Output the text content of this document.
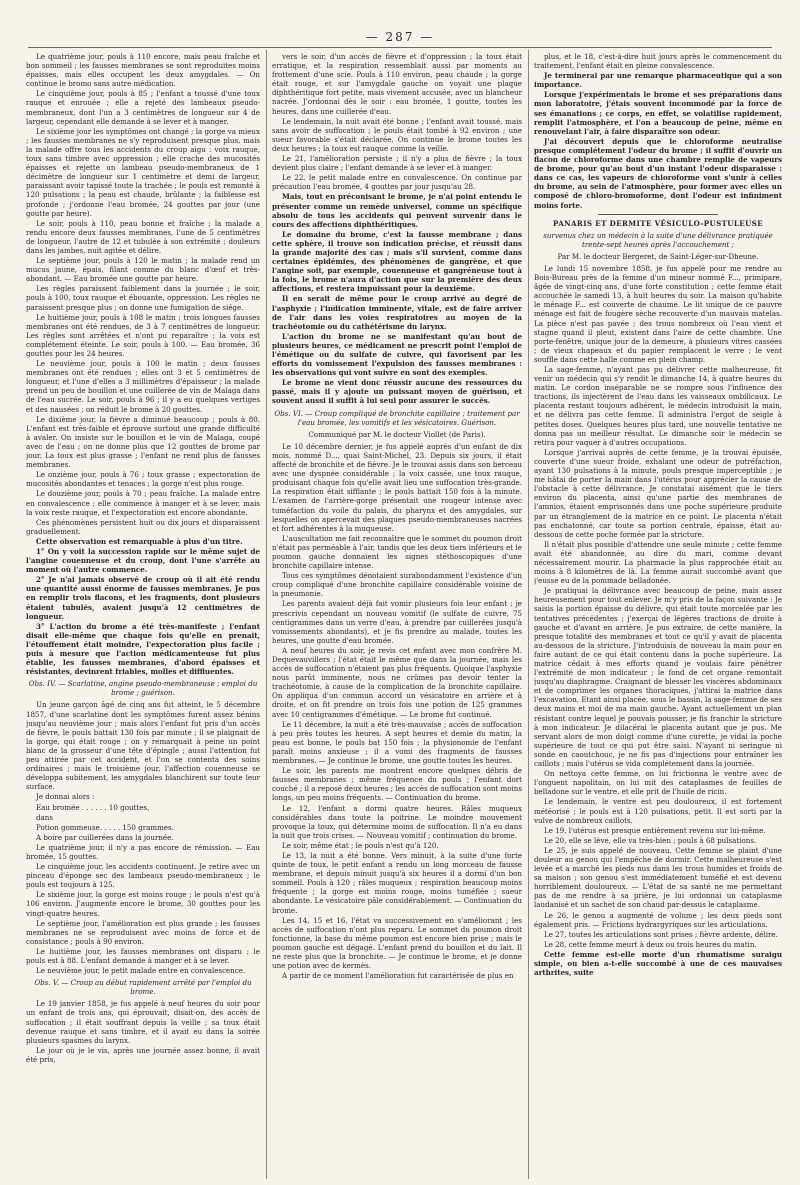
— 287 —

Le quatrième jour, pouls à 110 encore, mais peau fraîche et bon sommeil ; les fausses membranes se sont reproduites moins épaisses, mais elles occupent les deux amygdales. — On continue le bromo sans autre médication.

Le cinquième jour, pouls à 85 ; l'enfant a toussé d'une toux rauque et enrouée ; elle a rejeté des lambeaux pseudo-membraneux, dont l'un a 3 centimètres de longueur sur 4 de largeur, cependant elle demande à se lever et à manger.

Le sixième jour les symptômes ont changé ; la gorge va mieux ; les fausses membranes ne s'y reproduisent presque plus, mais la malade offre tous les accidents du croup aigu : voix rauque, toux sans timbre avec oppression ; elle crache des mucosités épaisses et rejette un lambeau pseudo-membraneux de 1 décimètre de longueur sur 1 centimètre et demi de largeur, paraissant avoir tapissé toute la trachée ; le pouls est remonté à 120 pulsations ; la peau est chaude, brûlante ; la faiblesse est profonde ; j'ordonne l'eau bromée, 24 gouttes par jour (une goutte par heure).

Le soir, pouls à 110, peau bonne et fraîche ; la malade a rendu encore deux fausses membranes, l'une de 5 centimètres de longueur, l'autre de 12 et tubulée à son extrémité ; douleurs dans les jambes, nuit agitée et délire.

Le septième jour, pouls à 120 le matin ; la malade rend un mucus jaune, épais, filant comme du blanc d'œuf et très-abondant. — Eau bromée une goutte par heure.

Les règles paraissent faiblement dans la journée ; le soir, pouls à 100, toux rauque et ébouante, oppression. Les règles ne paraissent presque plus ; on donne une fumigation de siége.

Le huitième jour, pouls à 108 le matin ; trois longues fausses membranes ont été rendues, de 3 à 7 centimètres de longueur. Les règles sont arrêtées et n'ont pu reparaître ; la voix est complétement éteinte. Le soir, pouls à 100. — Eau bromée, 36 gouttes pour les 24 heures.

Le neuvième jour, pouls à 100 le matin ; deux fausses membranes ont été rendues ; elles ont 3 et 5 centimètres de longueur, et l'une d'elles a 3 millimètres d'épaisseur ; la malade prend un peu de bouillon et une cuillerée de vin de Malaga dans de l'eau sucrée. Le soir, pouls à 96 ; il y a eu quelques vertiges et des nausées ; on réduit le brome à 20 gouttes.

Le dixième jour, la fièvre a diminué beaucoup ; pouls à 80. L'enfant est très-faible et éprouve surtout une grande difficulté à avaler. On insiste sur le bouillon et le vin de Malaga, coupé avec de l'eau ; on ne donne plus que 12 gouttes de brome par jour. La toux est plus grasse ; l'enfant ne rend plus de fausses membranes.

Le onzième jour, pouls à 76 ; toux grasse ; expectoration de mucosités abondantes et tenaces ; la gorge n'est plus rouge.

Le douzième jour, pouls à 70 ; peau fraîche. La malade entre en convalescence ; elle commence à manger et à se lever, mais la voix reste rauque, et l'expectoration est encore abondante.

Ces phénomènes persistent huit ou dix jours et disparaissent graduellement.

Cette observation est remarquable à plus d'un titre.

1° On y voit la succession rapide sur le même sujet de l'angine couenneuse et du croup, dont l'une s'arrête au moment où l'autre commence.

2° Je n'ai jamais observé de croup où il ait été rendu une quantité aussi énorme de fausses membranes. Je pus en remplir trois flacons, et les fragments, dont plusieurs étaient tubulés, avaient jusqu'à 12 centimètres de longueur.

3° L'action du brome a été très-manifeste ; l'enfant disait elle-même que chaque fois qu'elle en prenait, l'étouffement était moindre, l'expectoration plus facile ; puis à mesure que l'action médicamenteuse fut plus établie, les fausses membranes, d'abord épaisses et résistantes, devinrent friables, molles et diffluentes.

Obs. IV. — Scarlatine, angine pseudo-membraneuse ; emploi du brome ; guérison.

Un jeune garçon âgé de cinq ans fut atteint, le 5 décembre 1857, d'une scarlatine dont les symptômes furent assez bénins jusqu'au neuvième jour ; mais alors l'enfant fut pris d'un accès de fièvre, le pouls battait 130 fois par minute ; il se plaignait de la gorge, qui était rouge ; on y remarquait à peine un point blanc de la grosseur d'une tête d'épingle ; aussi l'attention fut peu attirée par cet accident, et l'on se contenta des soins ordinaires ; mais le troisième jour, l'affection couenneuse se développa subitement, les amygdales blanchirent sur toute leur surface.

Je donnai alors :

Eau bromée . . . . . . 10 gouttes,

dans

Potion gommeuse. . . . . 150 grammes.

A boire par cuillerées dans la journée.

Le quatrième jour, il n'y a pas encore de rémission. — Eau bromée, 15 gouttes.

Le cinquième jour, les accidents continuent. Je retire avec un pinceau d'éponge sec des lambeaux pseudo-membraneux ; le pouls est toujours à 125.

Le sixième jour, la gorge est moins rouge ; le pouls n'est qu'à 106 environ. J'augmente encore le brome, 30 gouttes pour les vingt-quatre heures.

Le septième jour, l'amélioration est plus grande ; les fausses membranes ne se reproduisent avec moins de force et de consistance ; pouls à 90 environ.

Le huitième jour, les fausses membranes ont disparu ; le pouls est à 88. L'enfant demande à manger et à se lever.

Le neuvième jour, le petit malade entre en convalescence.

Obs. V. — Croup au début rapidement arrêté par l'emploi du brome.

Le 19 janvier 1858, je fus appelé à neuf heures du soir pour un enfant de trois ans, qui éprouvait, disait-on, des accès de suffocation ; il était souffrant depuis la veille ; sa toux était devenue rauque et sans timbre, et il avait eu dans la soirée plusieurs spasmes du larynx.

Le jour où je le vis, après une journée assez bonne, il avait été pris,

vers le soir, d'un accès de fièvre et d'oppression ; la toux était erratique, et la respiration ressemblait aussi par moments au frottement d'une scie. Pouls à 110 environ, peau chaude ; la gorge était rouge, et sur l'amygdale gauche on voyait une plaque diphthéritique fort petite, mais vivement accusée, avec un blancheur nacrée. J'ordonnai dès le soir : eau bromée, 1 goutte, toutes les heures, dans une cuillerée d'eau.

Le lendemain, la nuit avait été bonne ; l'enfant avait toussé, mais sans avoir de suffocation ; le pouls était tombé à 92 environ ; une sueur favorable s'était déclarée. On continue le brome toutes les deux heures ; la toux est rauque comme la veille.

Le 21, l'amélioration persiste ; il n'y a plus de fièvre ; la toux devient plus claire ; l'enfant demande à se lever et à manger.

Le 22, le petit malade entre en convalescence. On continue par précaution l'eau bromée, 4 gouttes par jour jusqu'au 28.

Mais, tout en préconisant le brome, je n'ai point entendu le présenter comme un remède universel, comme un spécifique absolu de tous les accidents qui peuvent survenir dans le cours des affections diphthéritiques.

Le domaine du brome, c'est la fausse membrane ; dans cette sphère, il trouve son indication précise, et réussit dans la grande majorité des cas ; mais s'il survient, comme dans certaines épidémies, des phénomènes de gangrène, et que l'angine soit, par exemple, couenneuse et gangréneuse tout à la fois, le brome n'aura d'action que sur la première des deux affections, et restera impuissant pour la deuxième.

Il en serait de même pour le croup arrivé au degré de l'asphyxie ; l'indication imminente, vitale, est de faire arriver de l'air dans les voies respiratoires au moyen de la trachéotomie ou du cathétérisme du larynx.

L'action du brome ne se manifestant qu'au bout de plusieurs heures, ce médicament ne prescrit point l'emploi de l'émétique ou du sulfate de cuivre, qui favorisent par les efforts du vomissement l'expulsion des fausses membranes : les observations qui vont suivre en sont des exemples.

Le brome ne vient donc réussir aucune des ressources du passé, mais il y ajoute un puissant moyen de guérison, et souvent aussi il suffit à lui seul pour assurer le succès.

Obs. VI. — Croup compliqué de bronchite capillaire ; traitement par l'eau bromée, les vomitifs et les vésicatoires. Guérison.

Communiqué par M. le docteur Viollet (de Paris).

Le 10 décembre dernier, je fus appelé auprès d'un enfant de dix mois, nommé D..., quai Saint-Michel, 23. Depuis six jours, il était affecté de bronchite et de fièvre. Je le trouvai assis dans son berceau avec une dyspnée considérable ; la voix cassée, une toux rauque, produisant chaque fois qu'elle avait lieu une suffocation très-grande. La respiration était sifflante ; le pouls battait 150 fois à la minute. L'examen de l'arrière-gorge présentait une rougeur intense avec tuméfaction du voile du palais, du pharynx et des amygdales, sur lesquelles on apercevait des plaques pseudo-membraneuses nacrées et fort adhérentes à la muqueuse.

L'auscultation me fait reconnaître que le sommet du poumon droit n'était pas perméable à l'air, tandis que les deux tiers inférieurs et le poumon gauche donnaient les signes stéthoscopiques d'une bronchite capillaire intense.

Tous ces symptômes dénotaient surabondamment l'existence d'un croup compliqué d'une bronchite capillaire considérable voisine de la pneumonie.

Les parents avaient déjà fait vomir plusieurs fois leur enfant ; je prescrivis cependant un nouveau vomitif (le sulfate de cuivre, 75 centigrammes dans un verre d'eau, à prendre par cuillerées jusqu'à vomissements abondants), et je fis prendre au malade, toutes les heures, une goutte d'eau bromée.

A neuf heures du soir, je revis cet enfant avec mon confrère M. Dequevauvillers ; l'état était le même que dans la journée, mais les accès de suffocation n'étaient pas plus fréquents. Quoique l'asphyxie nous parût imminente, nous ne crûmes pas devoir tenter la trachéotomie, à cause de la complication de la bronchite capillaire. On appliqua d'un commun accord un vésicatoire en arrière et à droite, et on fit prendre on trois fois une potion de 125 grammes avec 10 centigrammes d'émétique. — Le brome fut continué.

Le 11 décembre, la nuit a été très-mauvaise ; accès de suffocation à peu près toutes les heures. A sept heures et demie du matin, la peau est bonne, le pouls bat 150 fois ; la physionomie de l'enfant paraît moins anxieuse ; il a vomi des fragments de fausses membranes. — Je continue le brome, une goutte toutes les heures.

Le soir, les parents me montrent encore quelques débris de fausses membranes ; même fréquence du pouls ; l'enfant dort couché ; il a reposé deux heures ; les accès de suffocation sont moins longs, un peu moins fréquents. — Continuation du brome.

Le 12, l'enfant a dormi quatre heures. Râles muqueux considérables dans toute la poitrine. Le moindre mouvement provoque la toux, qui détermine moins de suffocation. Il n'a eu dans la nuit que trois crises. — Nouveau vomitif ; continuation du brome.

Le soir, même état ; le pouls n'est qu'à 120.

Le 13, la nuit a été bonne. Vers minuit, à la suite d'une forte quinte de toux, le petit enfant a rendu un long morceau de fausse membrane, et depuis minuit jusqu'à six heures il a dormi d'un bon sommeil. Pouls à 120 ; râles muqueux ; respiration beaucoup moins fréquente ; la gorge est moins rouge, moins tuméfiée ; sueur abondante. Le vésicatoire pâle considérablement. — Continuation du brome.

Les 14, 15 et 16, l'état va successivement en s'améliorant ; les accès de suffocation n'ont plus reparu. Le sommet du poumon droit fonctionne, la base du même poumon est encore bien prise ; mais le poumon gauche est dégagé. L'enfant prend du bouillon et du lait. Il ne reste plus que la bronchite. — Je continue le brome, et je donne une potion avec de kermès.

A partir de ce moment l'amélioration fut caractérisée de plus en

plus, et le 18, c'est-à-dire huit jours après le commencement du traitement, l'enfant était en pleine convalescence.

Je terminerai par une remarque pharmaceutique qui a son importance.

Lorsque j'expérimentais le brome et ses préparations dans mon laboratoire, j'étais souvent incommodé par la force de ses émanations ; ce corps, en effet, se volatilise rapidement, remplit l'atmosphère, et l'on a beaucoup de peine, même en renouvelant l'air, à faire disparaître son odeur.

J'ai découvert depuis que le chloroforme neutralise presque complétement l'odeur du brome ; il suffit d'ouvrir un flacon de chloroforme dans une chambre remplie de vapeurs de brome, pour qu'au bout d'un instant l'odeur disparaisse : dans ce cas, les vapeurs de chloroforme vont s'unir à celles du brome, au sein de l'atmosphère, pour former avec elles un composé de chloro-bromoforme, dont l'odeur est infiniment moins forte.

PANARIS ET DERMITE VÉSICULO-PUSTULEUSE

survenus chez un médecin à la suite d'une délivrance pratiquée trente-sept heures après l'accouchement ;

Par M. le docteur Bergeret, de Saint-Léger-sur-Dheune.

Le lundi 15 novembre 1858, je fus appelé pour me rendre au Bois-Bureau près de la femme d'un mineur nommé F..., primipare, âgée de vingt-cinq ans, d'une forte constitution ; cette femme était accouchée le samedi 13, à huit heures du soir. La maison qu'habite le ménage F... est couverte de chaume. Le lit unique de ce pauvre ménage est fait de fougère sèche recouverte d'un mauvais matelas. La pièce n'est pas pavée ; des trous nombreux où l'eau vient et stagne quand il pleut, existent dans l'aire de cette chambre. Une porte-fenêtre, unique jour de la demeure, à plusieurs vitres cassées ; de vieux chapeaux et du papier remplacent le verre ; le vent souffle dans cette halle comme en plein champ.

La sage-femme, n'ayant pas pu délivrer cette malheureuse, fit venir un médecin qui s'y rendit le dimanche 14, à quatre heures du matin. Le cordon inséparable ne se rompre sous l'influence des tractions, ils injectèrent de l'eau dans les vaisseaux ombilicaux. Le placenta restant toujours adhérent, le médecin introduisit la main, et ne délivra pas cette femme. Il administra l'ergot de seigle à petites doses. Quelques heures plus tard, une nouvelle tentative ne donna pas un meilleur résultat. Le dimanche soir le médecin se retira pour vaquer à d'autres occupations.

Lorsque j'arrivai auprès de cette femme, je la trouvai épuisée, couverte d'une sueur froide, exhalant une odeur de putréfaction, ayant 130 pulsations à la minute, pouls presque imperceptible ; je me hâtai de porter la main dans l'utérus pour apprécier la cause de l'obstacle à cette délivrance. Je constatai aisément que le tiers environ du placenta, ainsi qu'une partie des membranes de l'amnios, étaient emprisonnés dans une poche supérieure produite par un étranglement de la matrice en ce point. Le placenta n'était pas enchatonné, car toute sa portion centrale, épaisse, était au-dessous de cette poche formée par la stricture.

Il n'était plus possible d'attendre une seule minute ; cette femme avait été abandonnée, au dire du mari, comme devant nécessairement mourir. La pharmacie la plus rapprochée était au moins à 8 kilomètres de là. La femme aurait succombé avant que j'eusse eu de la pommade belladonée.

Je pratiquai la délivrance avec beaucoup de peine, mais assez heureusement pour tout enlever. Je m'y pris de la façon suivante : Je saisis la portion épaisse du délivre, qui était toute morcelée par les tentatives précédentes ; j'exerçai de légères tractions de droite à gauche et d'avant en arrière. Je pus extraire, de cette manière, la presque totalité des membranes et tout ce qu'il y avait de placenta au-dessous de la stricture. J'introduisis de nouveau la main pour en faire autant de ce qui était contenu dans la poche supérieure. La matrice cédait à mes efforts quand je voulais faire pénétrer l'extrémité de mon indicateur ; le fond de cet organe remontait jusqu'au diaphragme. Craignant de blesser les viscères abdominaux et de comprimer les organes thoraciques, j'attirai la matrice dans l'excavation. Etant ainsi placée, sous le bassin, la sage-femme de ses deux mains et moi de ma main gauche. Ayant actuellement un plan résistant contre lequel je pouvais pousser, je fis franchir la stricture à mon indicateur. Je dilacérai le placenta autant que je pus. Me servant alors de mon doigt comme d'une curette, je vidai la poche supérieure de tout ce qui put être saisi. N'ayant ni seringue ni sonde en caoutchouc, je ne fis pas d'injections pour entraîner les caillots ; mais l'utérus se vida complétement dans la journée.

On nettoya cette femme, on lui frictionna le ventre avec de l'onguent napolitain, on lui mit des cataplasmes de feuilles de belladone sur le ventre, et elle prit de l'huile de ricin.

Le lendemain, le ventre est peu douloureux, il est fortement météorisé ; le pouls est à 120 pulsations, petit. Il est sorti par la vulve de nombreux caillots.

Le 19, l'utérus est presque entièrement revenu sur lui-même.

Le 20, elle se lève, elle va très-bien ; pouls à 68 pulsations.

Le 25, je suis appelé de nouveau. Cette femme se plaint d'une douleur au genou qui l'empêche de dormir. Cette malheureuse s'est levée et a marché les pieds nus dans les trous humides et froids de sa maison ; son genou s'est immédiatement tuméfié et est devenu horriblement douloureux. — L'état de sa santé ne me permettant pas de me rendre à sa prière, je lui ordonnai un cataplasme laudanisé et un sachet de son chaud par-dessus le cataplasme.

Le 26, le genou a augmenté de volume ; les deux pieds sont également pris. — Frictions hydrargyriques sur les articulations.

Le 27, toutes les articulations sont prises ; fièvre ardente, délire.

Le 28, cette femme meurt à deux ou trois heures du matin.

Cette femme est-elle morte d'un rhumatisme suraigu simple, ou bien a-t-elle succombé à une de ces mauvaises arthrites, suite
